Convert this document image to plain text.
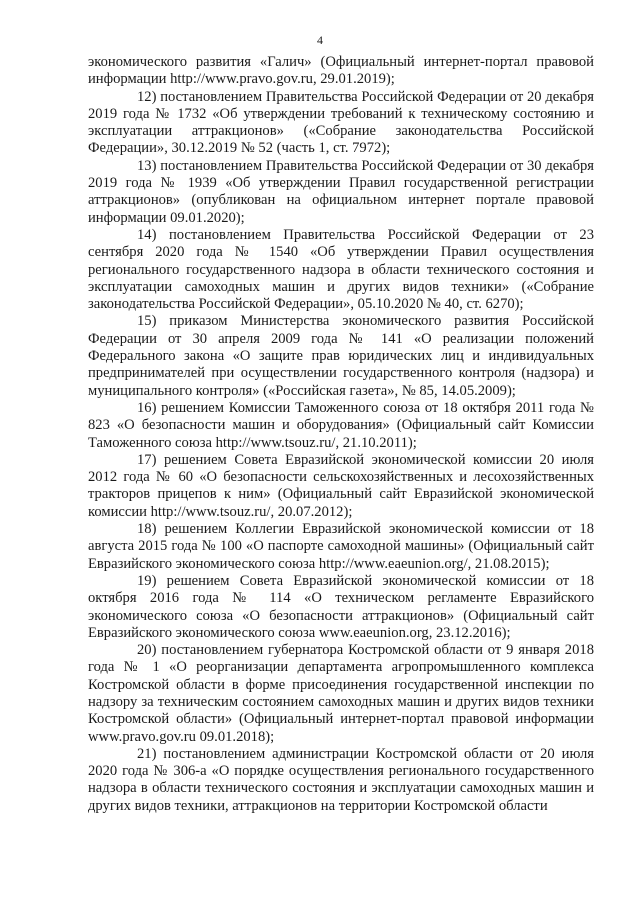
4

экономического развития «Галич» (Официальный интернет-портал правовой информации http://www.pravo.gov.ru, 29.01.2019);

12) постановлением Правительства Российской Федерации от 20 декабря 2019 года № 1732 «Об утверждении требований к техническому состоянию и эксплуатации аттракционов» («Собрание законодательства Российской Федерации», 30.12.2019 № 52 (часть 1, ст. 7972);

13) постановлением Правительства Российской Федерации от 30 декабря 2019 года № 1939 «Об утверждении Правил государственной регистрации аттракционов» (опубликован на официальном интернет портале правовой информации 09.01.2020);

14) постановлением Правительства Российской Федерации от 23 сентября 2020 года № 1540 «Об утверждении Правил осуществления регионального государственного надзора в области технического состояния и эксплуатации самоходных машин и других видов техники» («Собрание законодательства Российской Федерации», 05.10.2020 № 40, ст. 6270);

15) приказом Министерства экономического развития Российской Федерации от 30 апреля 2009 года № 141 «О реализации положений Федерального закона «О защите прав юридических лиц и индивидуальных предпринимателей при осуществлении государственного контроля (надзора) и муниципального контроля» («Российская газета», № 85, 14.05.2009);

16) решением Комиссии Таможенного союза от 18 октября 2011 года № 823 «О безопасности машин и оборудования» (Официальный сайт Комиссии Таможенного союза http://www.tsouz.ru/, 21.10.2011);

17) решением Совета Евразийской экономической комиссии 20 июля 2012 года № 60 «О безопасности сельскохозяйственных и лесохозяйственных тракторов прицепов к ним» (Официальный сайт Евразийской экономической комиссии http://www.tsouz.ru/, 20.07.2012);

18) решением Коллегии Евразийской экономической комиссии от 18 августа 2015 года № 100 «О паспорте самоходной машины» (Официальный сайт Евразийского экономического союза http://www.eaeunion.org/, 21.08.2015);

19) решением Совета Евразийской экономической комиссии от 18 октября 2016 года № 114 «О техническом регламенте Евразийского экономического союза «О безопасности аттракционов» (Официальный сайт Евразийского экономического союза www.eaeunion.org, 23.12.2016);

20) постановлением губернатора Костромской области от 9 января 2018 года № 1 «О реорганизации департамента агропромышленного комплекса Костромской области в форме присоединения государственной инспекции по надзору за техническим состоянием самоходных машин и других видов техники Костромской области» (Официальный интернет-портал правовой информации www.pravo.gov.ru 09.01.2018);

21) постановлением администрации Костромской области от 20 июля 2020 года № 306-а «О порядке осуществления регионального государственного надзора в области технического состояния и эксплуатации самоходных машин и других видов техники, аттракционов на территории Костромской области
